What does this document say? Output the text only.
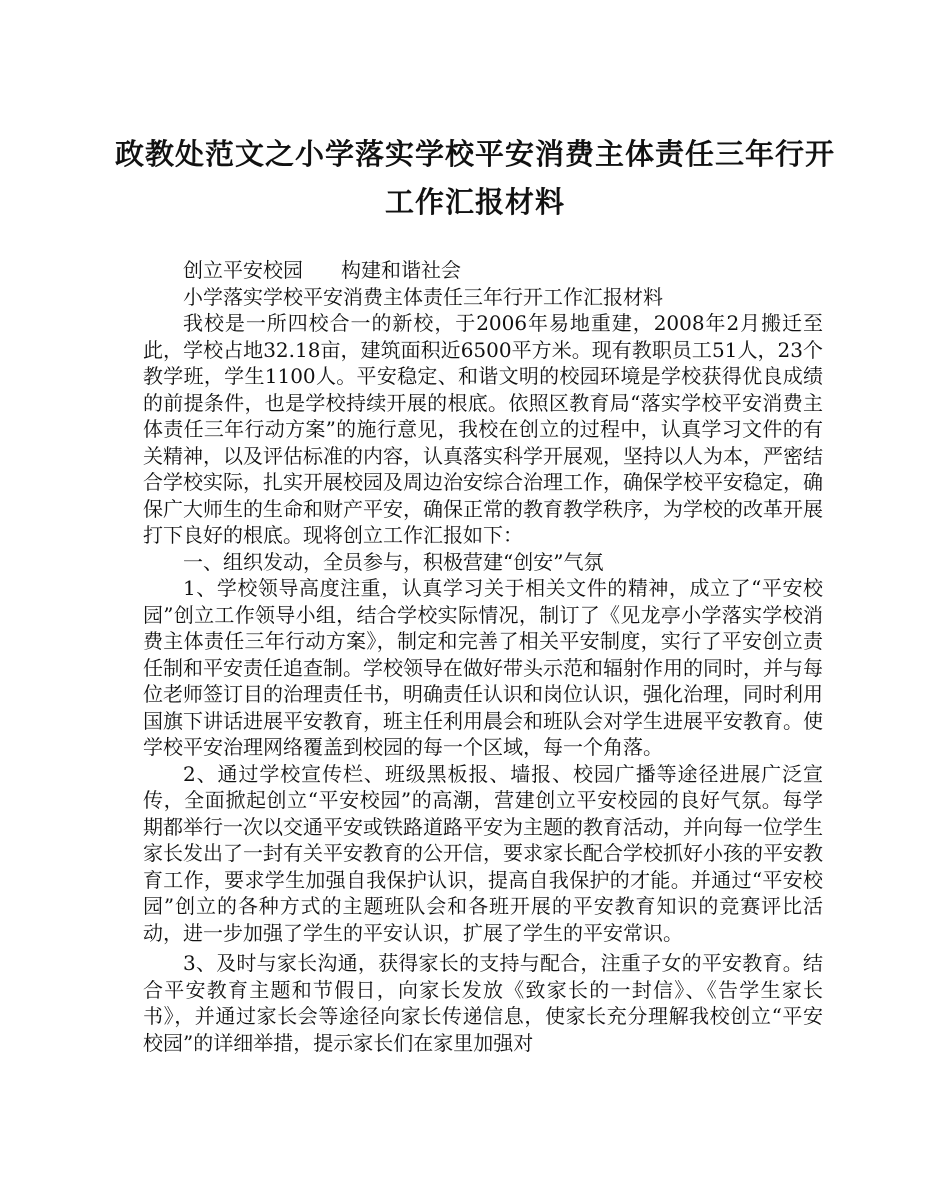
政教处范文之小学落实学校平安消费主体责任三年行开工作汇报材料

创立平安校园 构建和谐社会

小学落实学校平安消费主体责任三年行开工作汇报材料

我校是一所四校合一的新校，于2006年易地重建，2008年2月搬迁至此，学校占地32.18亩，建筑面积近6500平方米。现有教职员工51人，23个教学班，学生1100人。平安稳定、和谐文明的校园环境是学校获得优良成绩的前提条件，也是学校持续开展的根底。依照区教育局“落实学校平安消费主体责任三年行动方案”的施行意见，我校在创立的过程中，认真学习文件的有关精神，以及评估标准的内容，认真落实科学开展观，坚持以人为本，严密结合学校实际，扎实开展校园及周边治安综合治理工作，确保学校平安稳定，确保广大师生的生命和财产平安，确保正常的教育教学秩序，为学校的改革开展打下良好的根底。现将创立工作汇报如下：

一、组织发动，全员参与，积极营建“创安”气氛

1、学校领导高度注重，认真学习关于相关文件的精神，成立了“平安校园”创立工作领导小组，结合学校实际情况，制订了《见龙亭小学落实学校消费主体责任三年行动方案》，制定和完善了相关平安制度，实行了平安创立责任制和平安责任追查制。学校领导在做好带头示范和辐射作用的同时，并与每位老师签订目的治理责任书，明确责任认识和岗位认识，强化治理，同时利用国旗下讲话进展平安教育，班主任利用晨会和班队会对学生进展平安教育。使学校平安治理网络覆盖到校园的每一个区域，每一个角落。

2、通过学校宣传栏、班级黑板报、墙报、校园广播等途径进展广泛宣传，全面掀起创立“平安校园”的高潮，营建创立平安校园的良好气氛。每学期都举行一次以交通平安或铁路道路平安为主题的教育活动，并向每一位学生家长发出了一封有关平安教育的公开信，要求家长配合学校抓好小孩的平安教育工作，要求学生加强自我保护认识，提高自我保护的才能。并通过“平安校园”创立的各种方式的主题班队会和各班开展的平安教育知识的竞赛评比活动，进一步加强了学生的平安认识，扩展了学生的平安常识。

3、及时与家长沟通，获得家长的支持与配合，注重子女的平安教育。结合平安教育主题和节假日，向家长发放《致家长的一封信》、《告学生家长书》，并通过家长会等途径向家长传递信息，使家长充分理解我校创立“平安校园”的详细举措，提示家长们在家里加强对
